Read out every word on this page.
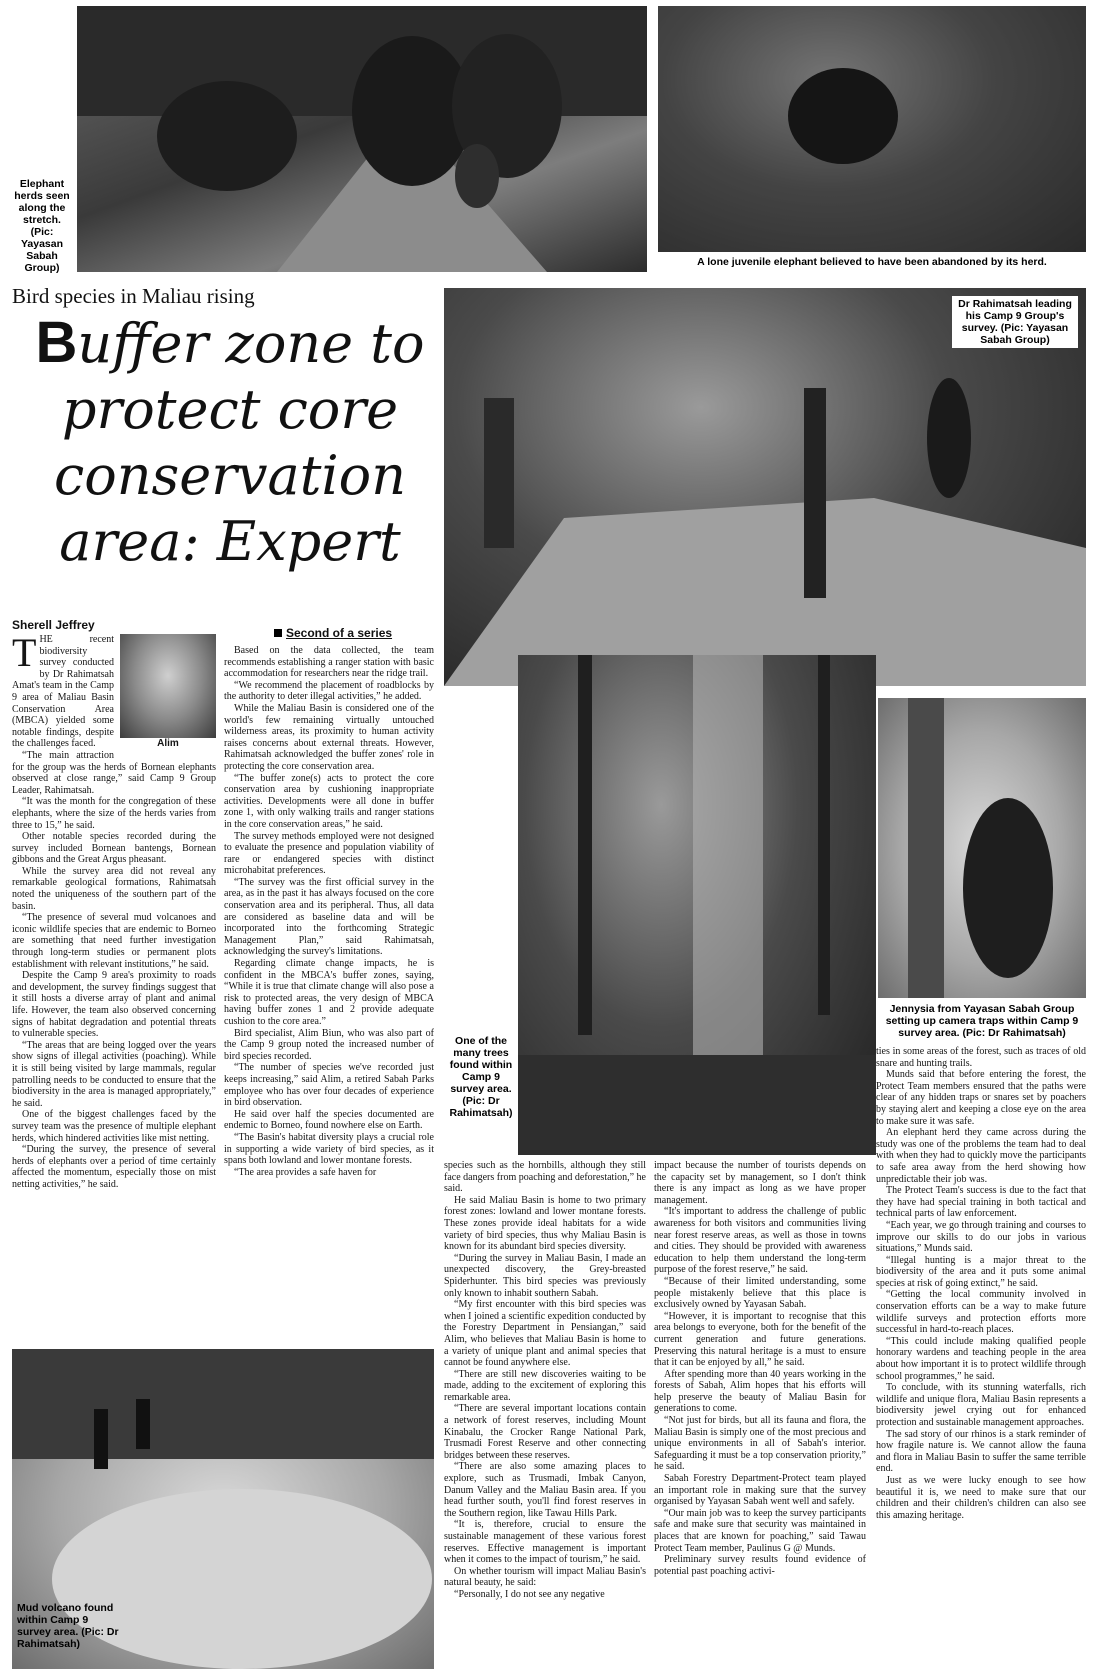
Elephant herds seen along the stretch. (Pic: Yayasan Sabah Group)	A lone juvenile elephant believed to have been abandoned by its herd.
Bird species in Maliau rising
Buffer zone to protect core conservation area: Expert
Dr Rahimatsah leading his Camp 9 Group's survey. (Pic: Yayasan Sabah Group)
One of the many trees found within Camp 9 survey area. (Pic: Dr Rahimatsah)
Jennysia from Yayasan Sabah Group setting up camera traps within Camp 9 survey area. (Pic: Dr Rahimatsah)
Mud volcano found within Camp 9 survey area. (Pic: Dr Rahimatsah)
Sherell Jeffrey
Second of a series
Alim

THE recent biodiversity survey conducted by Dr Rahimatsah Amat's team in the Camp 9 area of Maliau Basin Conservation Area (MBCA) yielded some notable findings, despite the challenges faced.

“The main attraction for the group was the herds of Bornean elephants observed at close range,” said Camp 9 Group Leader, Rahimatsah.

“It was the month for the congregation of these elephants, where the size of the herds varies from three to 15,” he said.

Other notable species recorded during the survey included Bornean bantengs, Bornean gibbons and the Great Argus pheasant.

While the survey area did not reveal any remarkable geological formations, Rahimatsah noted the uniqueness of the southern part of the basin.

“The presence of several mud volcanoes and iconic wildlife species that are endemic to Borneo are something that need further investigation through long-term studies or permanent plots establishment with relevant institutions,” he said.

Despite the Camp 9 area's proximity to roads and development, the survey findings suggest that it still hosts a diverse array of plant and animal life. However, the team also observed concerning signs of habitat degradation and potential threats to vulnerable species.

“The areas that are being logged over the years show signs of illegal activities (poaching). While it is still being visited by large mammals, regular patrolling needs to be conducted to ensure that the biodiversity in the area is managed appropriately,” he said.

One of the biggest challenges faced by the survey team was the presence of multiple elephant herds, which hindered activities like mist netting.

“During the survey, the presence of several herds of elephants over a period of time certainly affected the momentum, especially those on mist netting activities,” he said.

Based on the data collected, the team recommends establishing a ranger station with basic accommodation for researchers near the ridge trail.

“We recommend the placement of roadblocks by the authority to deter illegal activities,” he added.

While the Maliau Basin is considered one of the world's few remaining virtually untouched wilderness areas, its proximity to human activity raises concerns about external threats. However, Rahimatsah acknowledged the buffer zones' role in protecting the core conservation area.

“The buffer zone(s) acts to protect the core conservation area by cushioning inappropriate activities. Developments were all done in buffer zone 1, with only walking trails and ranger stations in the core conservation areas,” he said.

The survey methods employed were not designed to evaluate the presence and population viability of rare or endangered species with distinct microhabitat preferences.

“The survey was the first official survey in the area, as in the past it has always focused on the core conservation area and its peripheral. Thus, all data are considered as baseline data and will be incorporated into the forthcoming Strategic Management Plan,” said Rahimatsah, acknowledging the survey's limitations.

Regarding climate change impacts, he is confident in the MBCA's buffer zones, saying, “While it is true that climate change will also pose a risk to protected areas, the very design of MBCA having buffer zones 1 and 2 provide adequate cushion to the core area.”

Bird specialist, Alim Biun, who was also part of the Camp 9 group noted the increased number of bird species recorded.

“The number of species we've recorded just keeps increasing,” said Alim, a retired Sabah Parks employee who has over four decades of experience in bird observation.

He said over half the species documented are endemic to Borneo, found nowhere else on Earth.

“The Basin's habitat diversity plays a crucial role in supporting a wide variety of bird species, as it spans both lowland and lower montane forests.

“The area provides a safe haven for

species such as the hornbills, although they still face dangers from poaching and deforestation,” he said.

He said Maliau Basin is home to two primary forest zones: lowland and lower montane forests. These zones provide ideal habitats for a wide variety of bird species, thus why Maliau Basin is known for its abundant bird species diversity.

“During the survey in Maliau Basin, I made an unexpected discovery, the Grey-breasted Spiderhunter. This bird species was previously only known to inhabit southern Sabah.

“My first encounter with this bird species was when I joined a scientific expedition conducted by the Forestry Department in Pensiangan,” said Alim, who believes that Maliau Basin is home to a variety of unique plant and animal species that cannot be found anywhere else.

“There are still new discoveries waiting to be made, adding to the excitement of exploring this remarkable area.

“There are several important locations contain a network of forest reserves, including Mount Kinabalu, the Crocker Range National Park, Trusmadi Forest Reserve and other connecting bridges between these reserves.

“There are also some amazing places to explore, such as Trusmadi, Imbak Canyon, Danum Valley and the Maliau Basin area. If you head further south, you'll find forest reserves in the Southern region, like Tawau Hills Park.

“It is, therefore, crucial to ensure the sustainable management of these various forest reserves. Effective management is important when it comes to the impact of tourism,” he said.

On whether tourism will impact Maliau Basin's natural beauty, he said:

“Personally, I do not see any negative

impact because the number of tourists depends on the capacity set by management, so I don't think there is any impact as long as we have proper management.

“It's important to address the challenge of public awareness for both visitors and communities living near forest reserve areas, as well as those in towns and cities. They should be provided with awareness education to help them understand the long-term purpose of the forest reserve,” he said.

“Because of their limited understanding, some people mistakenly believe that this place is exclusively owned by Yayasan Sabah.

“However, it is important to recognise that this area belongs to everyone, both for the benefit of the current generation and future generations. Preserving this natural heritage is a must to ensure that it can be enjoyed by all,” he said.

After spending more than 40 years working in the forests of Sabah, Alim hopes that his efforts will help preserve the beauty of Maliau Basin for generations to come.

“Not just for birds, but all its fauna and flora, the Maliau Basin is simply one of the most precious and unique environments in all of Sabah's interior. Safeguarding it must be a top conservation priority,” he said.

Sabah Forestry Department-Protect team played an important role in making sure that the survey organised by Yayasan Sabah went well and safely.

“Our main job was to keep the survey participants safe and make sure that security was maintained in places that are known for poaching,” said Tawau Protect Team member, Paulinus G @ Munds.

Preliminary survey results found evidence of potential past poaching activi-

ties in some areas of the forest, such as traces of old snare and hunting trails.

Munds said that before entering the forest, the Protect Team members ensured that the paths were clear of any hidden traps or snares set by poachers by staying alert and keeping a close eye on the area to make sure it was safe.

An elephant herd they came across during the study was one of the problems the team had to deal with when they had to quickly move the participants to safe area away from the herd showing how unpredictable their job was.

The Protect Team's success is due to the fact that they have had special training in both tactical and technical parts of law enforcement.

“Each year, we go through training and courses to improve our skills to do our jobs in various situations,” Munds said.

“Illegal hunting is a major threat to the biodiversity of the area and it puts some animal species at risk of going extinct,” he said.

“Getting the local community involved in conservation efforts can be a way to make future wildlife surveys and protection efforts more successful in hard-to-reach places.

“This could include making qualified people honorary wardens and teaching people in the area about how important it is to protect wildlife through school programmes,” he said.

To conclude, with its stunning waterfalls, rich wildlife and unique flora, Maliau Basin represents a biodiversity jewel crying out for enhanced protection and sustainable management approaches.

The sad story of our rhinos is a stark reminder of how fragile nature is. We cannot allow the fauna and flora in Maliau Basin to suffer the same terrible end.

Just as we were lucky enough to see how beautiful it is, we need to make sure that our children and their children's children can also see this amazing heritage.
